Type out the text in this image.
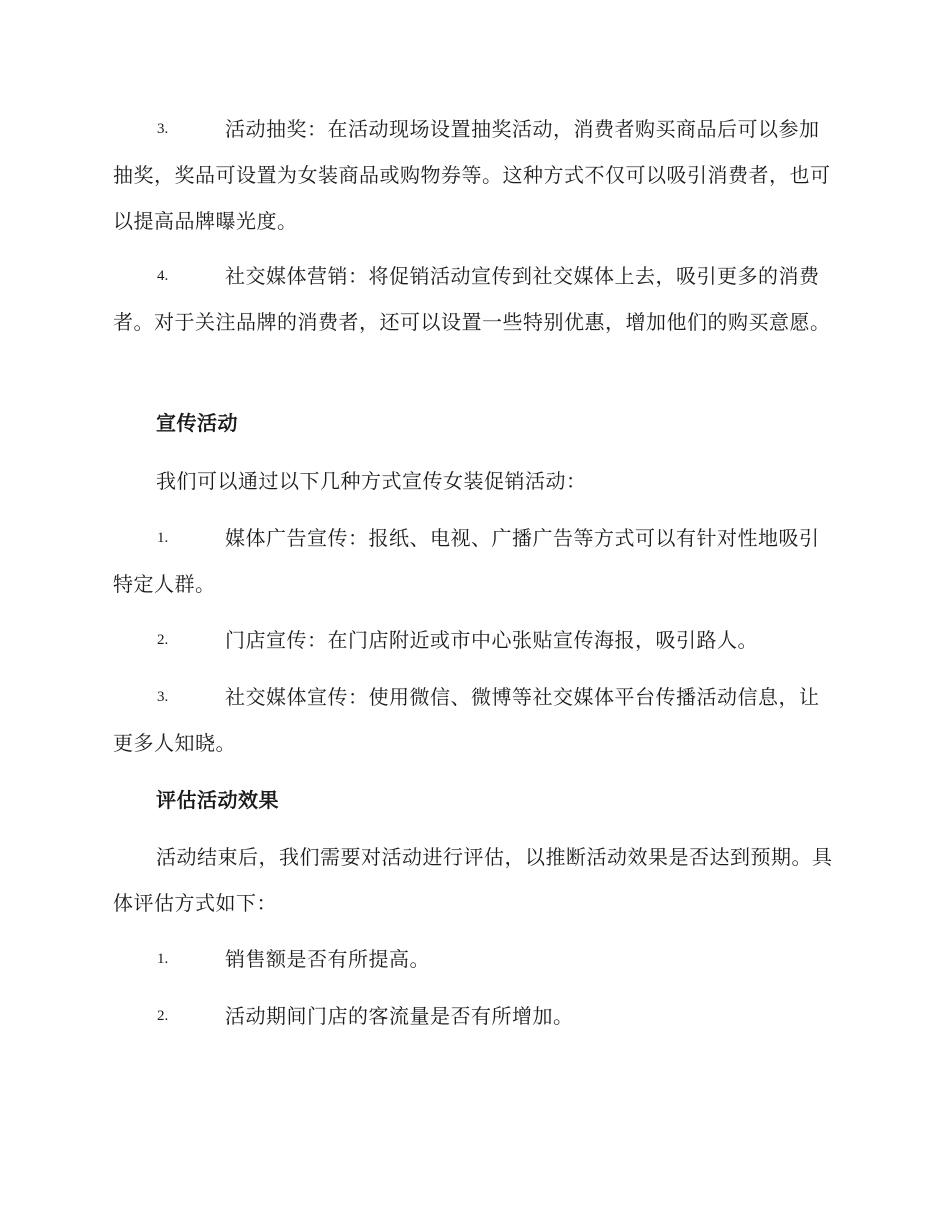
3.	活动抽奖：在活动现场设置抽奖活动，消费者购买商品后可以参加抽奖，奖品可设置为女装商品或购物券等。这种方式不仅可以吸引消费者，也可以提高品牌曝光度。
4.	社交媒体营销：将促销活动宣传到社交媒体上去，吸引更多的消费者。对于关注品牌的消费者，还可以设置一些特别优惠，增加他们的购买意愿。
宣传活动
我们可以通过以下几种方式宣传女装促销活动：
1.	媒体广告宣传：报纸、电视、广播广告等方式可以有针对性地吸引特定人群。
2.	门店宣传：在门店附近或市中心张贴宣传海报，吸引路人。
3.	社交媒体宣传：使用微信、微博等社交媒体平台传播活动信息，让更多人知晓。
评估活动效果
活动结束后，我们需要对活动进行评估，以推断活动效果是否达到预期。具体评估方式如下：
1.	销售额是否有所提高。
2.	活动期间门店的客流量是否有所增加。
